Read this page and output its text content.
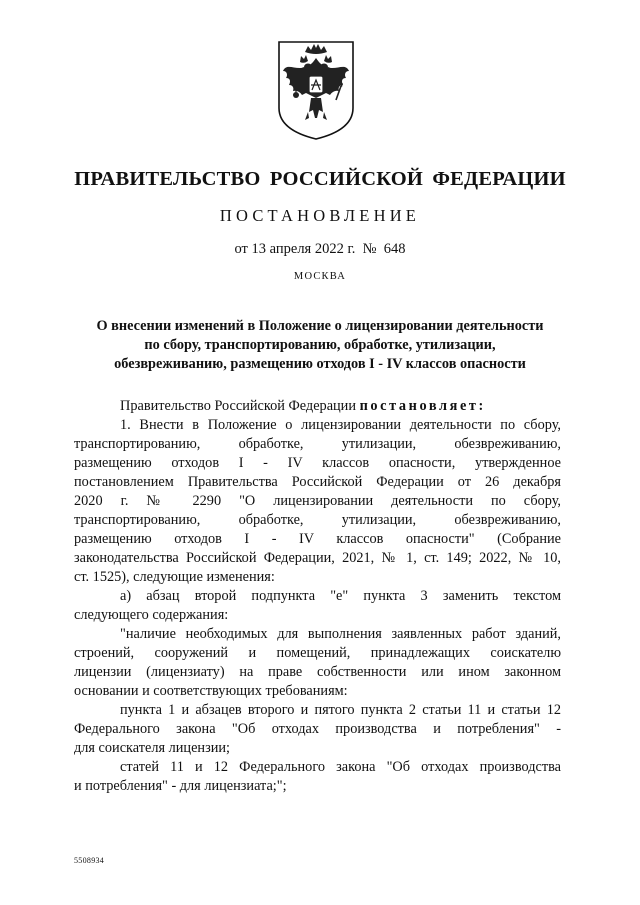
ПРАВИТЕЛЬСТВО РОССИЙСКОЙ ФЕДЕРАЦИИ
ПОСТАНОВЛЕНИЕ
от 13 апреля 2022 г.  №  648
МОСКВА
О внесении изменений в Положение о лицензировании деятельности
по сбору, транспортированию, обработке, утилизации,
обезвреживанию, размещению отходов I - IV классов опасности
Правительство Российской Федерации постановляет:
1. Внести в Положение о лицензировании деятельности по сбору,
транспортированию, обработке, утилизации, обезвреживанию,
размещению отходов I - IV классов опасности, утвержденное
постановлением Правительства Российской Федерации от 26 декабря
2020 г. № 2290 "О лицензировании деятельности по сбору,
транспортированию, обработке, утилизации, обезвреживанию,
размещению отходов I - IV классов опасности" (Собрание
законодательства Российской Федерации, 2021, № 1, ст. 149; 2022, № 10,
ст. 1525), следующие изменения:
а) абзац второй подпункта "е" пункта 3 заменить текстом
следующего содержания:
"наличие необходимых для выполнения заявленных работ зданий,
строений, сооружений и помещений, принадлежащих соискателю
лицензии (лицензиату) на праве собственности или ином законном
основании и соответствующих требованиям:
пункта 1 и абзацев второго и пятого пункта 2 статьи 11 и статьи 12
Федерального закона "Об отходах производства и потребления" -
для соискателя лицензии;
статей 11 и 12 Федерального закона "Об отходах производства
и потребления" - для лицензиата;";
5508934
